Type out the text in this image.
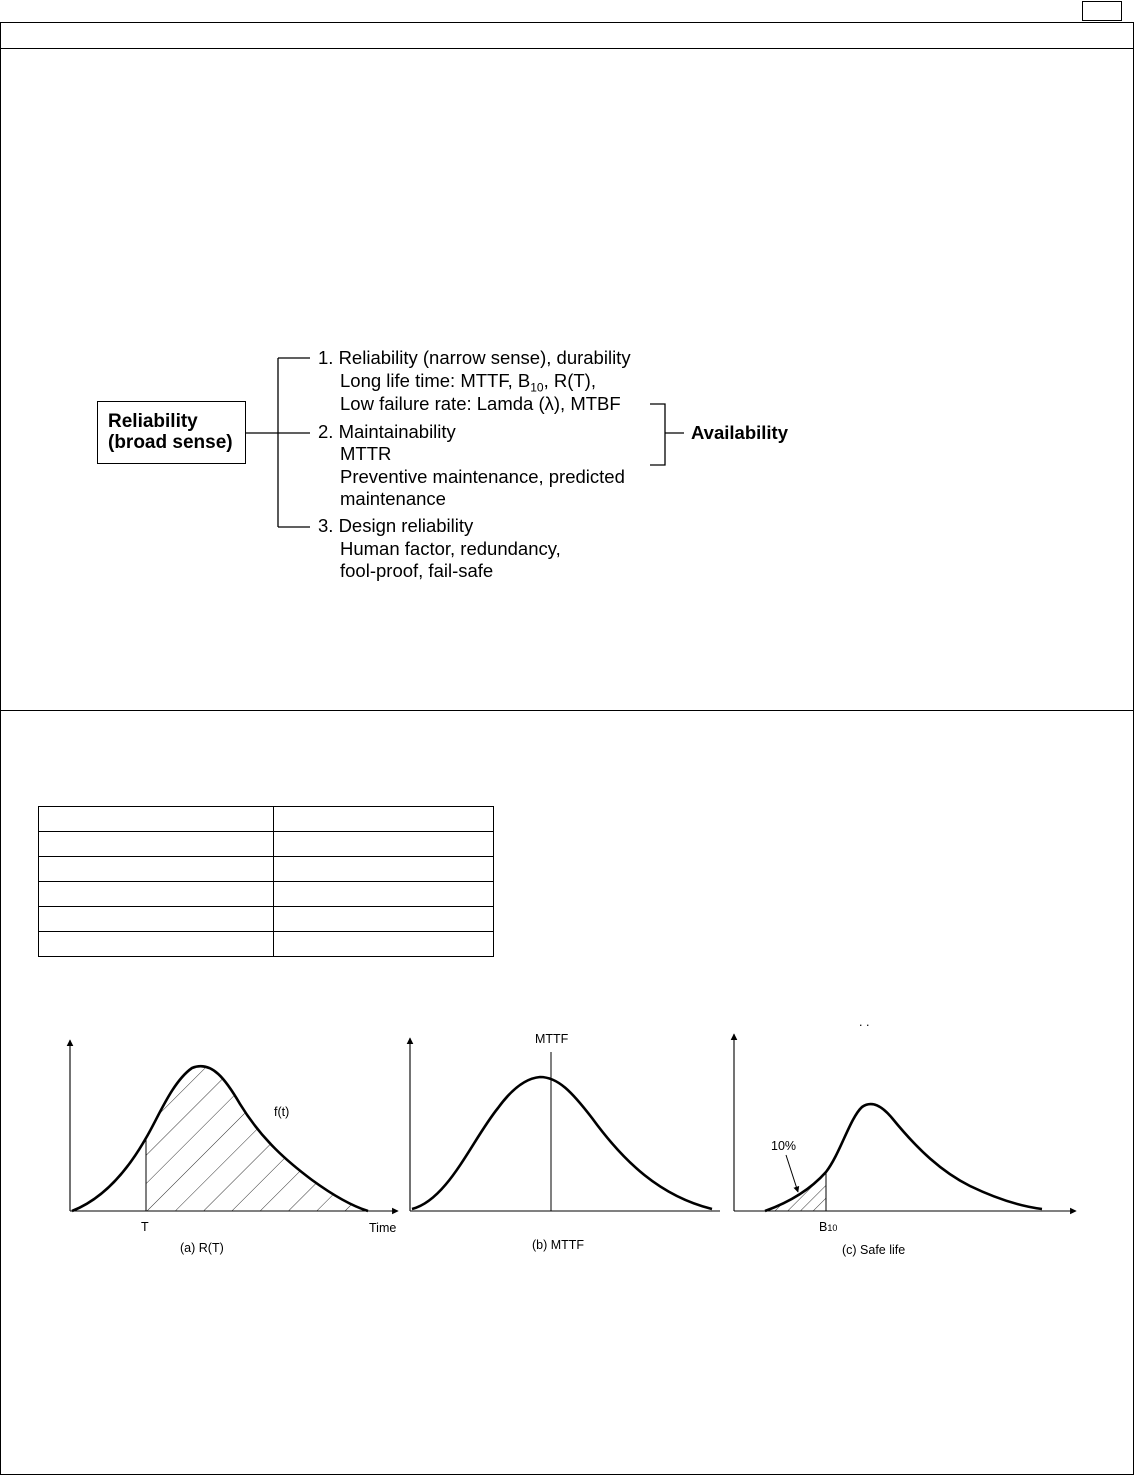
Reliability
(broad sense)
1. Reliability (narrow sense), durability
Long life time: MTTF, $B_{10}$, R(T),
Low failure rate: Lamda (λ), MTBF
2. Maintainability
MTTR
Preventive maintenance, predicted
maintenance
3. Design reliability
Human factor, redundancy,
fool-proof, fail-safe
Availability

f(t)
T	Time
(a) R(T)
MTTF
(b) MTTF
. .
10%
B10
(c) Safe life
